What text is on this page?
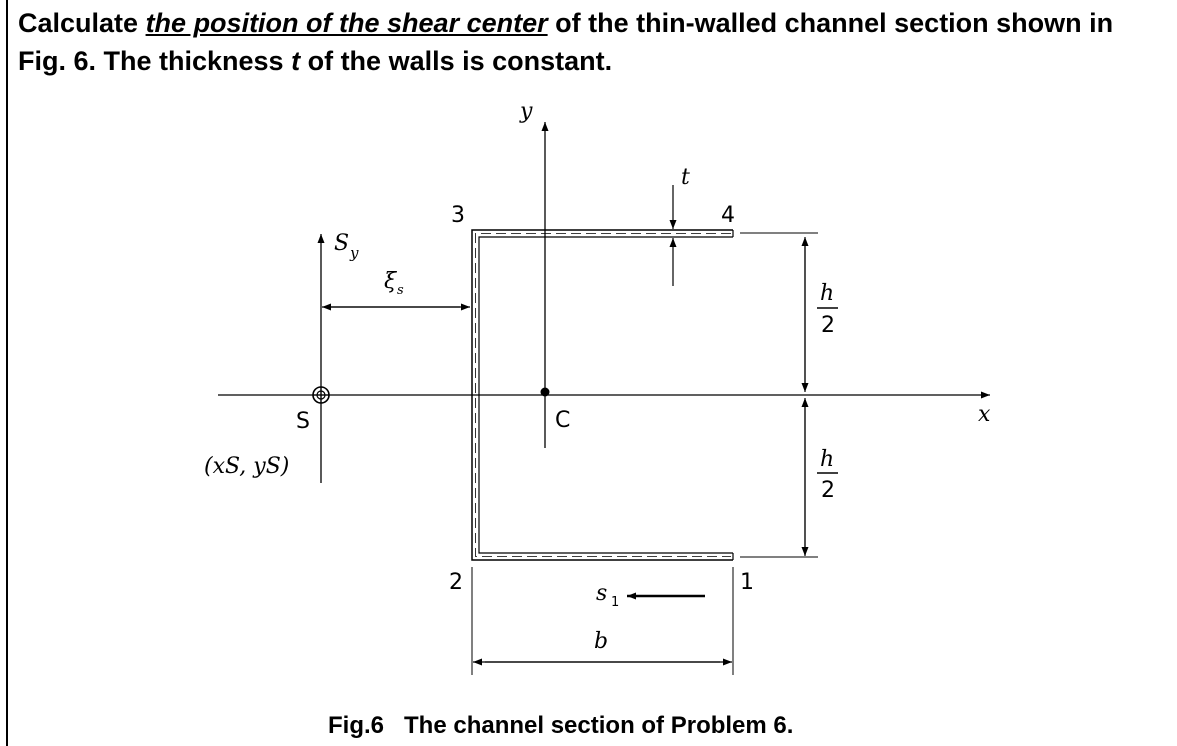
Calculate the position of the shear center of the thin-walled channel section shown in Fig. 6. The thickness t of the walls is constant.
y
x
3	4
2	1
t
S y
ξ s	h
2
h
2
C
S
(xS, yS)
s 1
b
Fig.6   The channel section of Problem 6.
